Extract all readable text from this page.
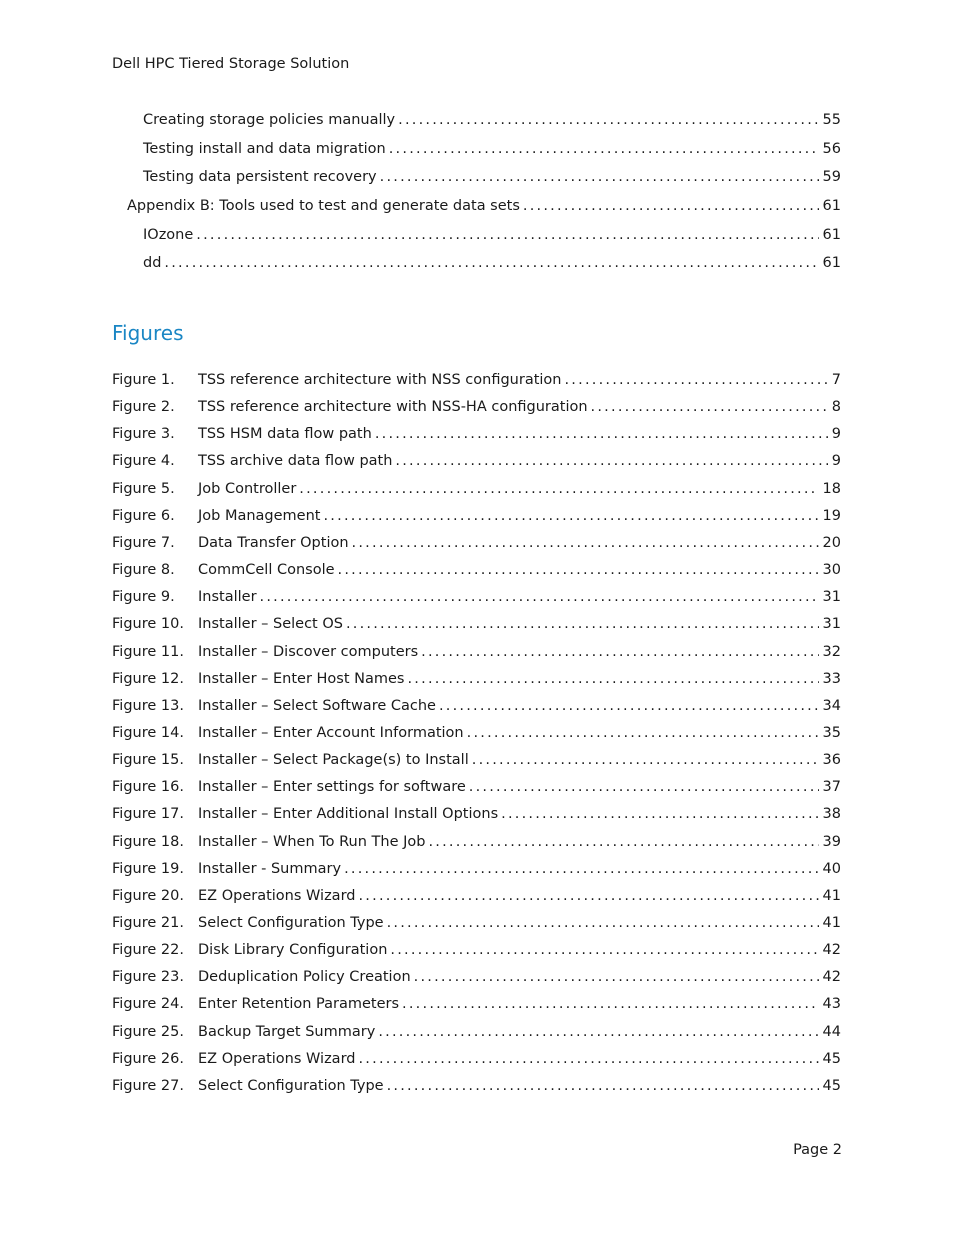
Dell HPC Tiered Storage Solution
Creating storage policies manually . . .	55
Testing install and data migration . . .	56
Testing data persistent recovery . . .	59
Appendix B: Tools used to test and generate data sets . . .	61
IOzone . . .	61
dd . . .	61
Figures
Figure 1.	TSS reference architecture with NSS configuration . . .	7
Figure 2.	TSS reference architecture with NSS-HA configuration . . .	8
Figure 3.	TSS HSM data flow path . . .	9
Figure 4.	TSS archive data flow path . . .	9
Figure 5.	Job Controller . . .	18
Figure 6.	Job Management . . .	19
Figure 7.	Data Transfer Option . . .	20
Figure 8.	CommCell Console . . .	30
Figure 9.	Installer . . .	31
Figure 10. Installer – Select OS . . .	31
Figure 11. Installer – Discover computers . . .	32
Figure 12. Installer – Enter Host Names . . .	33
Figure 13. Installer – Select Software Cache . . .	34
Figure 14. Installer – Enter Account Information . . .	35
Figure 15. Installer – Select Package(s) to Install . . .	36
Figure 16. Installer – Enter settings for software . . .	37
Figure 17. Installer – Enter Additional Install Options . . .	38
Figure 18. Installer – When To Run The Job . . .	39
Figure 19. Installer - Summary . . .	40
Figure 20. EZ Operations Wizard . . .	41
Figure 21. Select Configuration Type . . .	41
Figure 22. Disk Library Configuration . . .	42
Figure 23. Deduplication Policy Creation . . .	42
Figure 24. Enter Retention Parameters . . .	43
Figure 25. Backup Target Summary . . .	44
Figure 26. EZ Operations Wizard . . .	45
Figure 27. Select Configuration Type . . .	45
Page 2
